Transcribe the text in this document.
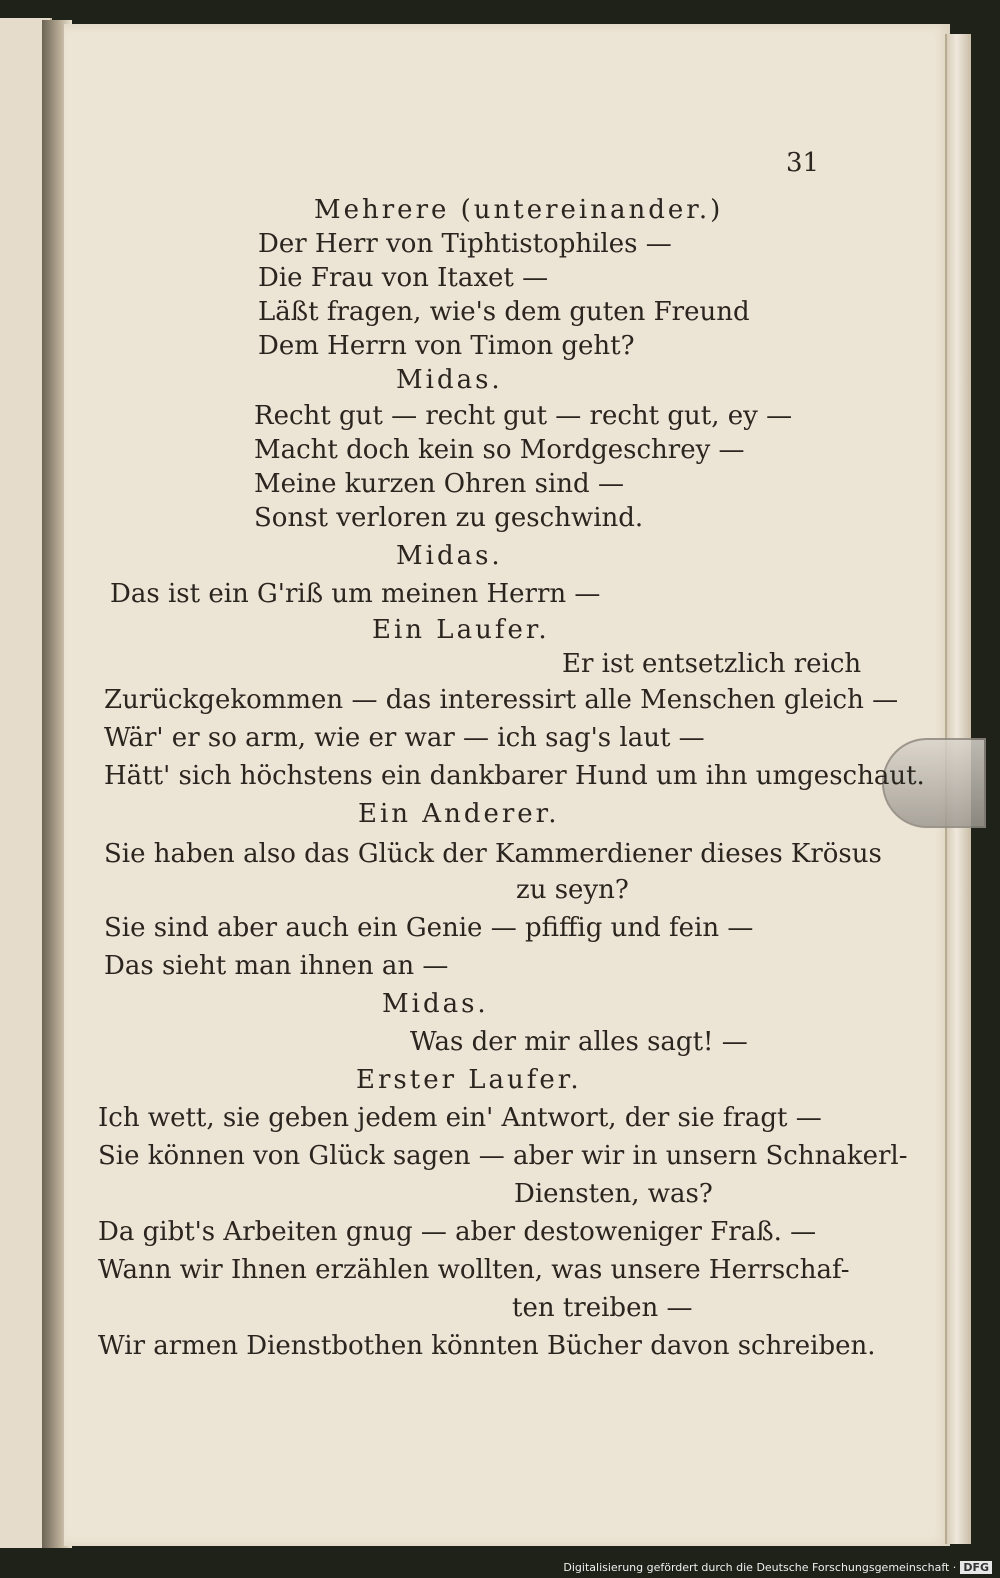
31
Mehrere (untereinander.)
Der Herr von Tiphtistophiles —
Die Frau von Itaxet —
Läßt fragen, wie's dem guten Freund
Dem Herrn von Timon geht?
Midas.
Recht gut — recht gut — recht gut, ey —
Macht doch kein so Mordgeschrey —
Meine kurzen Ohren sind —
Sonst verloren zu geschwind.
Midas.
Das ist ein G'riß um meinen Herrn —
Ein Laufer.
Er ist entsetzlich reich
Zurückgekommen — das interessirt alle Menschen gleich —
Wär' er so arm, wie er war — ich sag's laut —
Hätt' sich höchstens ein dankbarer Hund um ihn umgeschaut.
Ein Anderer.
Sie haben also das Glück der Kammerdiener dieses Krösus
zu seyn?
Sie sind aber auch ein Genie — pfiffig und fein —
Das sieht man ihnen an —
Midas.
Was der mir alles sagt! —
Erster Laufer.
Ich wett, sie geben jedem ein' Antwort, der sie fragt —
Sie können von Glück sagen — aber wir in unsern Schnakerl-
Diensten, was?
Da gibt's Arbeiten gnug — aber destoweniger Fraß. —
Wann wir Ihnen erzählen wollten, was unsere Herrschaf-
ten treiben —
Wir armen Dienstbothen könnten Bücher davon schreiben.
Digitalisierung gefördert durch die Deutsche Forschungsgemeinschaft · DFG
